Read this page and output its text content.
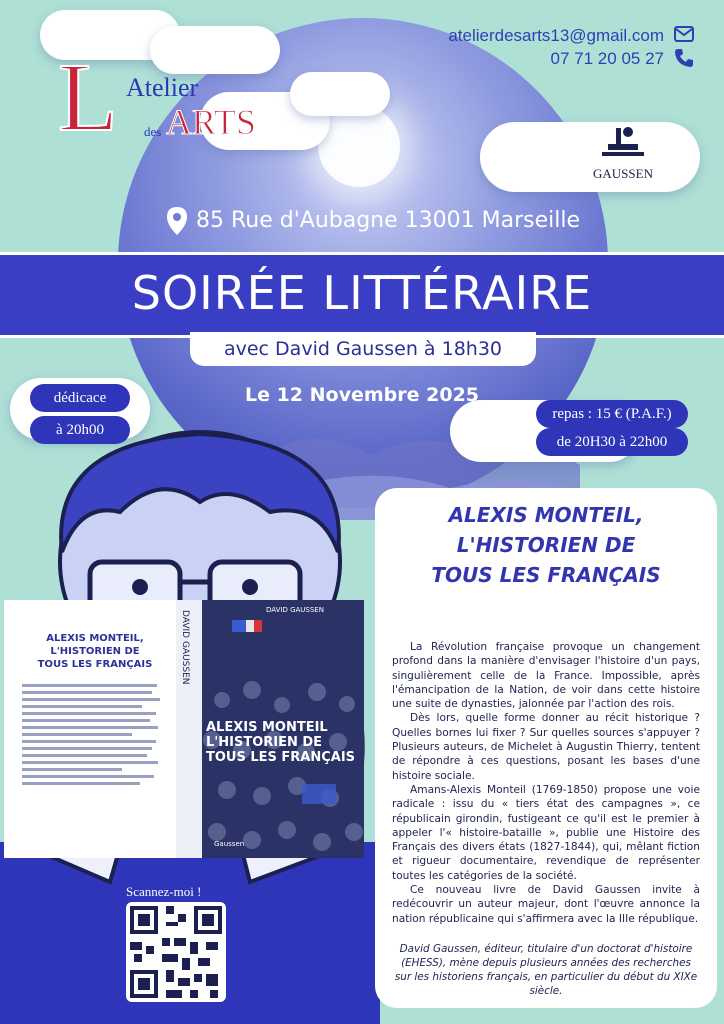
L Atelier
des ARTS
atelierdesarts13@gmail.com
07 71 20 05 27
GAUSSEN
85 Rue d'Aubagne 13001 Marseille
SOIRÉE LITTÉRAIRE
avec David Gaussen à 18h30
Le 12 Novembre 2025
dédicace
à 20h00
repas : 15 € (P.A.F.)
de 20H30 à 22h00
ALEXIS MONTEIL,
L'HISTORIEN DE
TOUS LES FRANÇAIS	DAVID GAUSSEN	DAVID GAUSSEN
Gaussen
ALEXIS MONTEIL L'HISTORIEN DE TOUS LES FRANÇAIS
Scannez-moi !
ALEXIS MONTEIL,
L'HISTORIEN DE
TOUS LES FRANÇAIS

La Révolution française provoque un changement profond dans la manière d'envisager l'histoire d'un pays, singulièrement celle de la France. Impossible, après l'émancipation de la Nation, de voir dans cette histoire une suite de dynasties, jalonnée par l'action des rois.

Dès lors, quelle forme donner au récit historique ? Quelles bornes lui fixer ? Sur quelles sources s'appuyer ? Plusieurs auteurs, de Michelet à Augustin Thierry, tentent de répondre à ces questions, posant les bases d'une histoire sociale.

Amans-Alexis Monteil (1769-1850) propose une voie radicale : issu du « tiers état des campagnes », ce républicain girondin, fustigeant ce qu'il est le premier à appeler l'« histoire-bataille », publie une Histoire des Français des divers états (1827-1844), qui, mêlant fiction et rigueur documentaire, revendique de représenter toutes les catégories de la société.

Ce nouveau livre de David Gaussen invite à redécouvrir un auteur majeur, dont l'œuvre annonce la nation républicaine qui s'affirmera avec la IIIe république.

David Gaussen, éditeur, titulaire d'un doctorat d'histoire (EHESS), mène depuis plusieurs années des recherches sur les historiens français, en particulier du début du XIXe siècle.
